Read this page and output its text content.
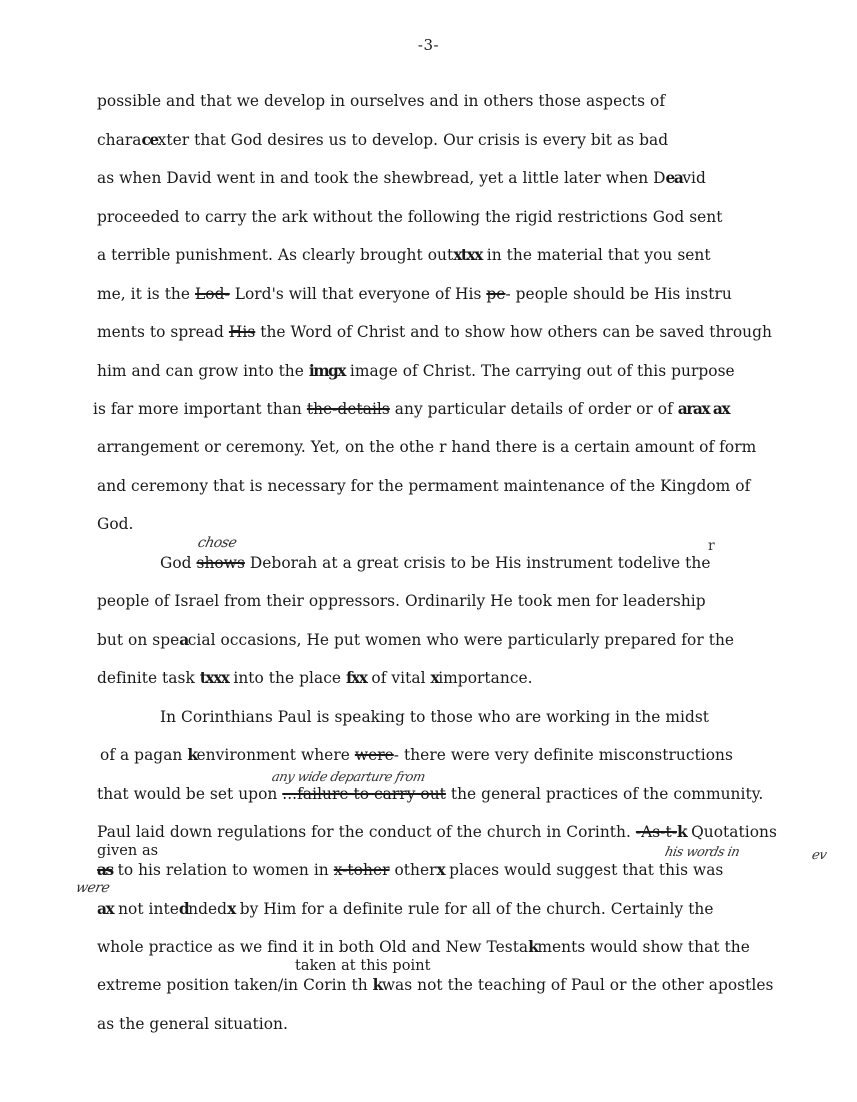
-3-
possible and that we develop in ourselves and in others those aspects of
characexter that God desires us to develop. Our crisis is every bit as bad
as when David went in and took the shewbread, yet a little later when Deavid
proceeded to carry the ark without the following the rigid restrictions God sent
a terrible punishment. As clearly brought outxtxx in the material that you sent
me, it is the Lod- Lord's will that everyone of His pe- people should be His instru
ments to spread His the Word of Christ and to show how others can be saved through
him and can grow into the imgx image of Christ. The carrying out of this purpose
is far more important than the-details any particular details of order or of arax ax
arrangement or ceremony. Yet, on the othe r hand there is a certain amount of form
and ceremony that is necessary for the permament maintenance of the Kingdom of
God.
chose
God shows Deborah at a great crisis to be His instrument todelive the
r
people of Israel from their oppressors. Ordinarily He took men for leadership
but on speacial occasions, He put women who were particularly prepared for the
definite task txxx into the place fxx of vital ximportance.
In Corinthians Paul is speaking to those who are working in the midst
of a pagan kenvironment where were- there were very definite misconstructions
any wide departure from
that would be set upon ...failure to carry out the general practices of the community.
Paul laid down regulations for the conduct of the church in Corinth. -As-t-k Quotations
given as	his words in	ev
as to his relation to women in x-toher otherx places would suggest that this was
were
ax not intedndedx by Him for a definite rule for all of the church. Certainly the
whole practice as we find it in both Old and New Testakments would show that the
taken at this point
extreme position taken/in Corin th kwas not the teaching of Paul or the other apostles
as the general situation.
